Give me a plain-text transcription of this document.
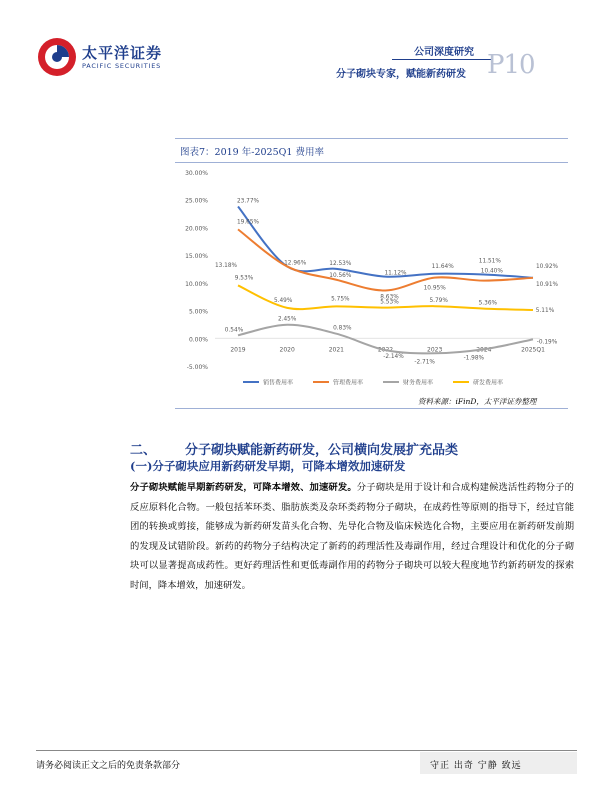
太平洋证券
PACIFIC SECURITIES
公司深度研究
分子砌块专家，赋能新药研发 P10
图表7：2019 年-2025Q1 费用率
30.00%
25.00%
20.00%
15.00%
10.00%
5.00%
0.00%
-5.00%
2019	2020	2021	2022	2023	2024	2025Q1
23.77%
12.96%	12.53%
11.12%
11.64%
11.51%
10.92%
19.65%
10.56%
8.63%
10.95%
10.40%
10.91%
0.54%
2.45%
0.83%
-2.14%
-2.71%
-1.98%
-0.19%
9.53%
5.49%	5.75%
5.53%	5.79%	5.36%
5.11%
13.18%
销售费用率	管理费用率	财务费用率	研发费用率
资料来源：iFinD，太平洋证券整理
二、 分子砌块赋能新药研发，公司横向发展扩充品类
(一)分子砌块应用新药研发早期，可降本增效加速研发
分子砌块赋能早期新药研发，可降本增效、加速研发。分子砌块是用于设计和合成构建候选活性药物分子的反应原料化合物。一般包括苯环类、脂肪族类及杂环类药物分子砌块，在成药性等原则的指导下，经过官能团的转换或剪接，能够成为新药研发苗头化合物、先导化合物及临床候选化合物，主要应用在新药研发前期的发现及试错阶段。新药的药物分子结构决定了新药的药理活性及毒副作用，经过合理设计和优化的分子砌块可以显著提高成药性。更好药理活性和更低毒副作用的药物分子砌块可以较大程度地节约新药研发的探索时间，降本增效，加速研发。
请务必阅读正文之后的免责条款部分	守正 出奇 宁静 致远
